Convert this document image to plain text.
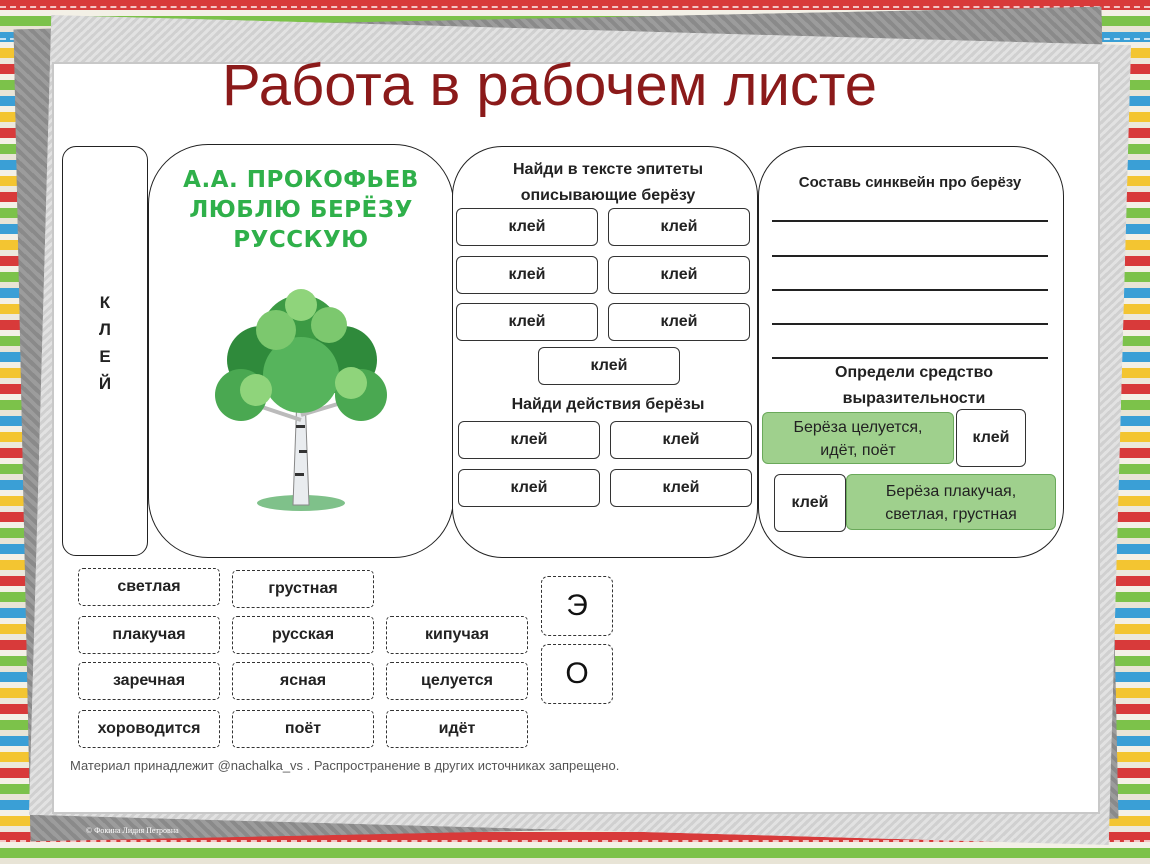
Работа в рабочем листе
К
Л
Е
Й
А.А. ПРОКОФЬЕВ
ЛЮБЛЮ БЕРЁЗУ
РУССКУЮ
Найди в тексте эпитеты
описывающие берёзу
клей	клей
клей	клей
клей	клей
клей
Найди действия берёзы
клей	клей
клей	клей
Составь синквейн про берёзу
Определи средство
выразительности
Берёза целуется,
идёт, поёт
клей
клей
Берёза плакучая,
светлая, грустная
светлая	грустная
плакучая	русская	кипучая
заречная	ясная	целуется
хороводится	поёт	идёт
Э
О
Материал принадлежит @nachalka_vs . Распространение в других источниках запрещено.
© Фокина Лидия Петровна
